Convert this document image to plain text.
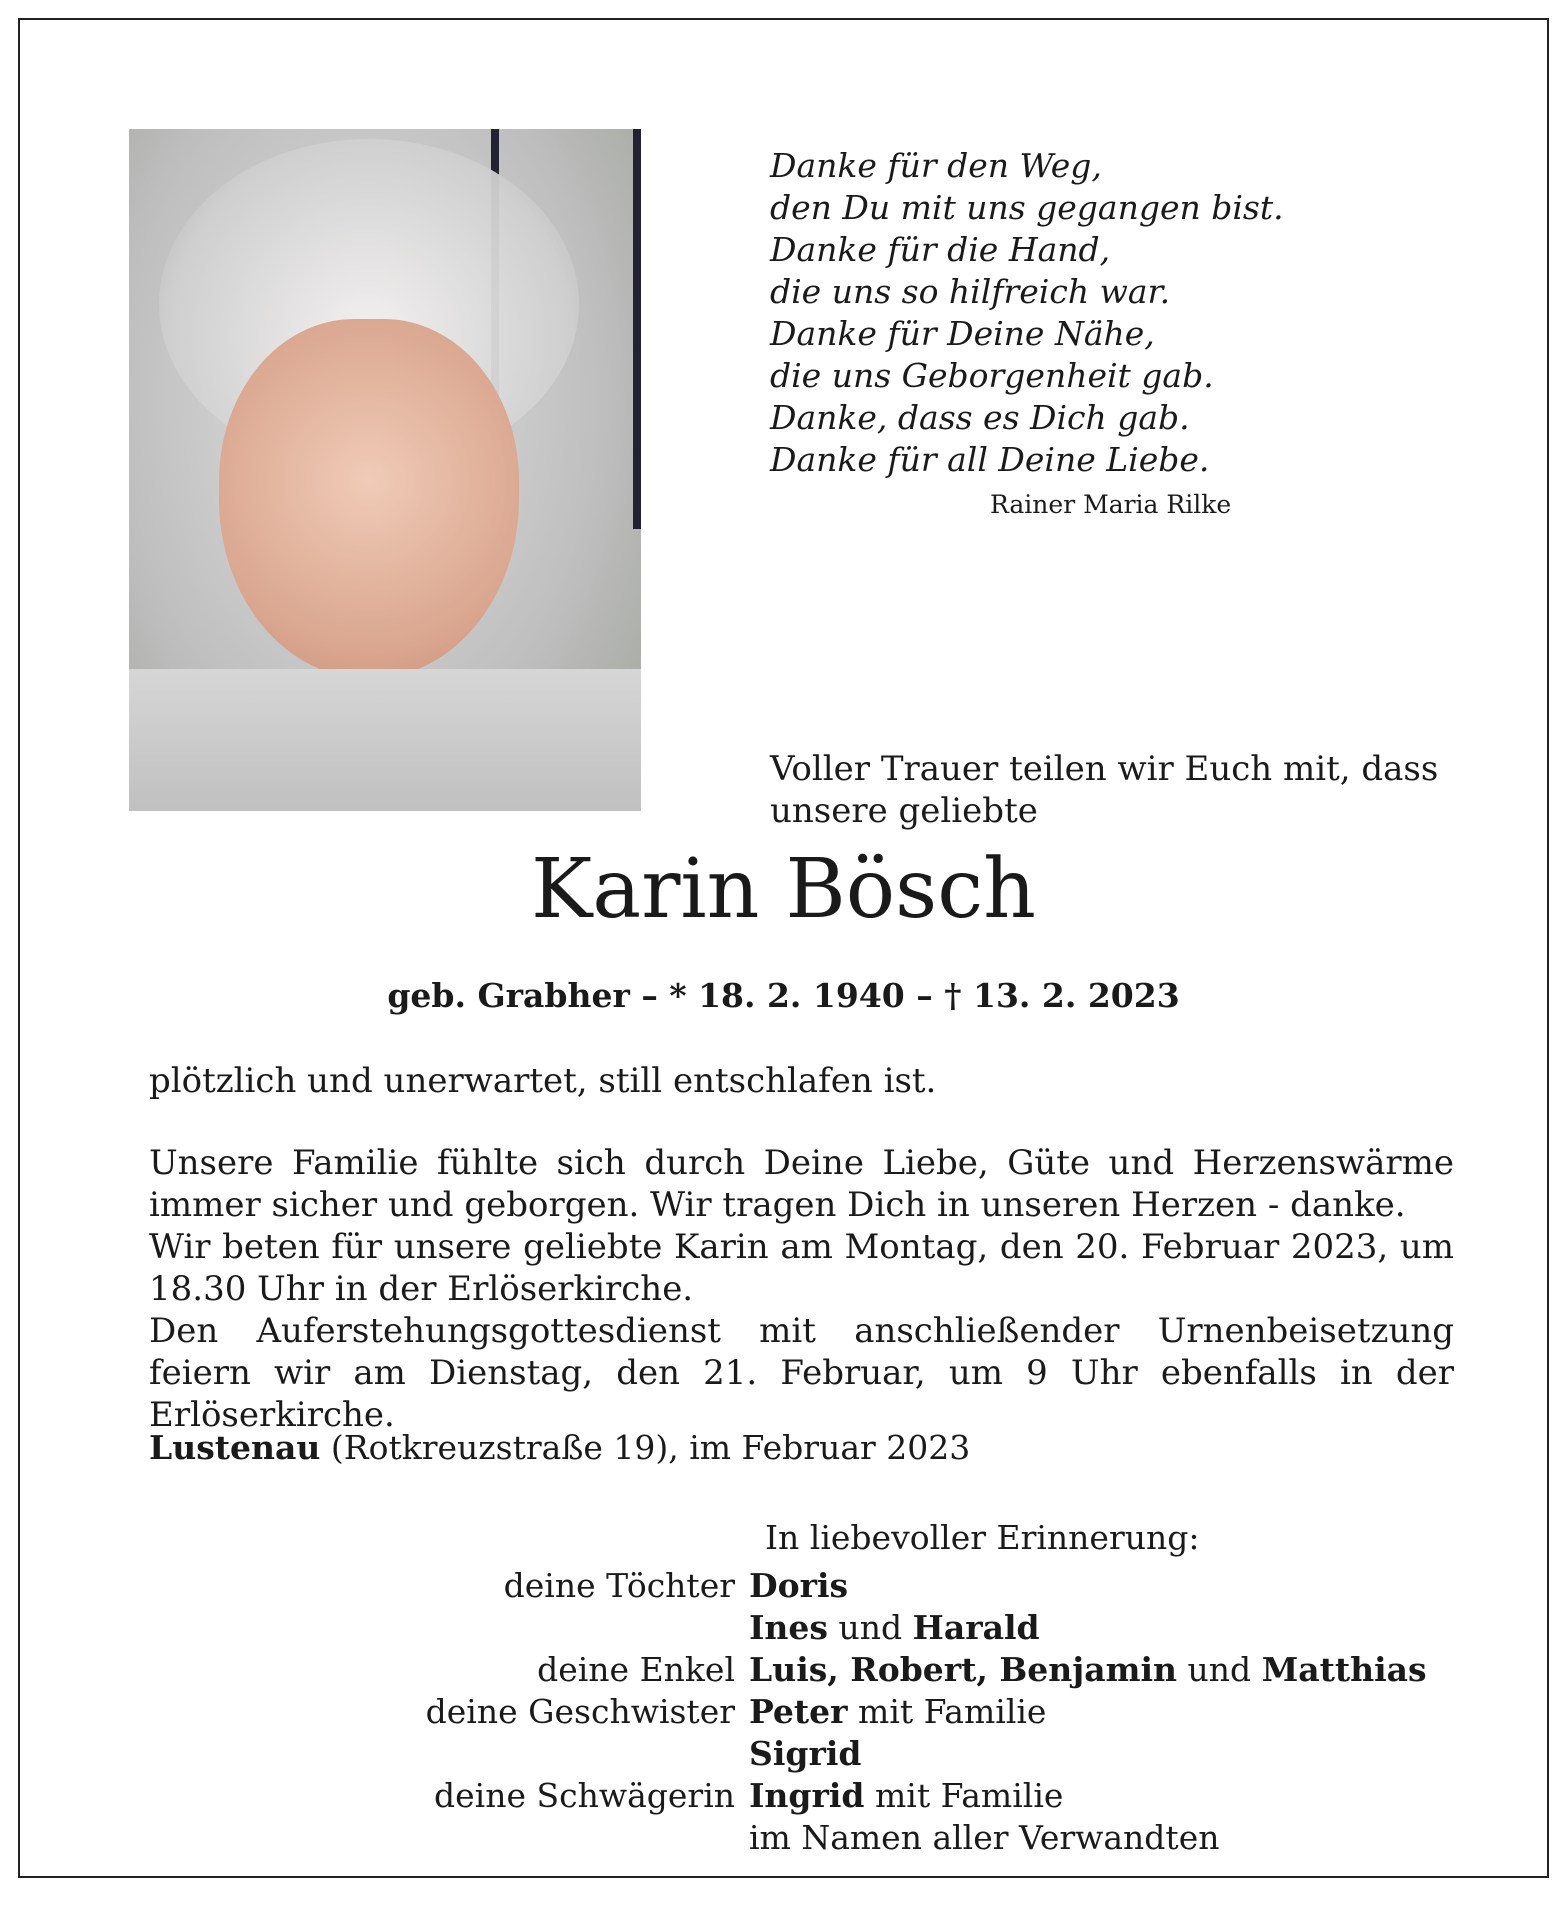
Danke für den Weg,
den Du mit uns gegangen bist.
Danke für die Hand,
die uns so hilfreich war.
Danke für Deine Nähe,
die uns Geborgenheit gab.
Danke, dass es Dich gab.
Danke für all Deine Liebe.
Rainer Maria Rilke
Voller Trauer teilen wir Euch mit, dass
unsere geliebte
Karin Bösch
geb. Grabher – * 18. 2. 1940 – † 13. 2. 2023

plötzlich und unerwartet, still entschlafen ist.

Unsere Familie fühlte sich durch Deine Liebe, Güte und Herzenswärme immer sicher und geborgen. Wir tragen Dich in unseren Herzen - danke.

Wir beten für unsere geliebte Karin am Montag, den 20. Februar 2023, um 18.30 Uhr in der Erlöserkirche.

Den Auferstehungsgottesdienst mit anschließender Urnenbeisetzung feiern wir am Dienstag, den 21. Februar, um 9 Uhr ebenfalls in der Erlöserkirche.

Lustenau (Rotkreuzstraße 19), im Februar 2023
In liebevoller Erinnerung:
deine Töchter Doris
Ines und Harald
deine Enkel Luis, Robert, Benjamin und Matthias
deine Geschwister Peter mit Familie
Sigrid
deine Schwägerin Ingrid mit Familie
im Namen aller Verwandten
